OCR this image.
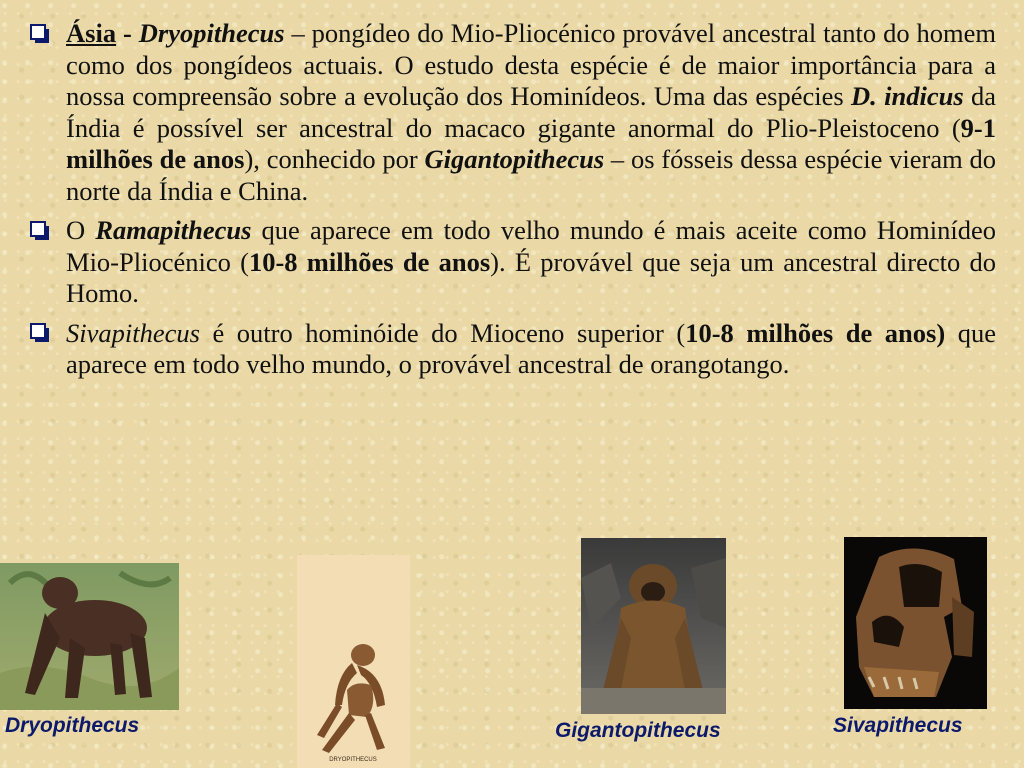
Ásia - Dryopithecus – pongídeo do Mio-Pliocénico provável ancestral tanto do homem como dos pongídeos actuais. O estudo desta espécie é de maior importância para a nossa compreensão sobre a evolução dos Hominídeos. Uma das espécies D. indicus da Índia é possível ser ancestral do macaco gigante anormal do Plio-Pleistoceno (9-1 milhões de anos), conhecido por Gigantopithecus – os fósseis dessa espécie vieram do norte da Índia e China.
O Ramapithecus que aparece em todo velho mundo é mais aceite como Hominídeo Mio-Pliocénico (10-8 milhões de anos). É provável que seja um ancestral directo do Homo.
Sivapithecus é outro hominóide do Mioceno superior (10-8 milhões de anos) que aparece em todo velho mundo, o provável ancestral de orangotango.
Dryopithecus
DRYOPITHECUS
Gigantopithecus	Sivapithecus
